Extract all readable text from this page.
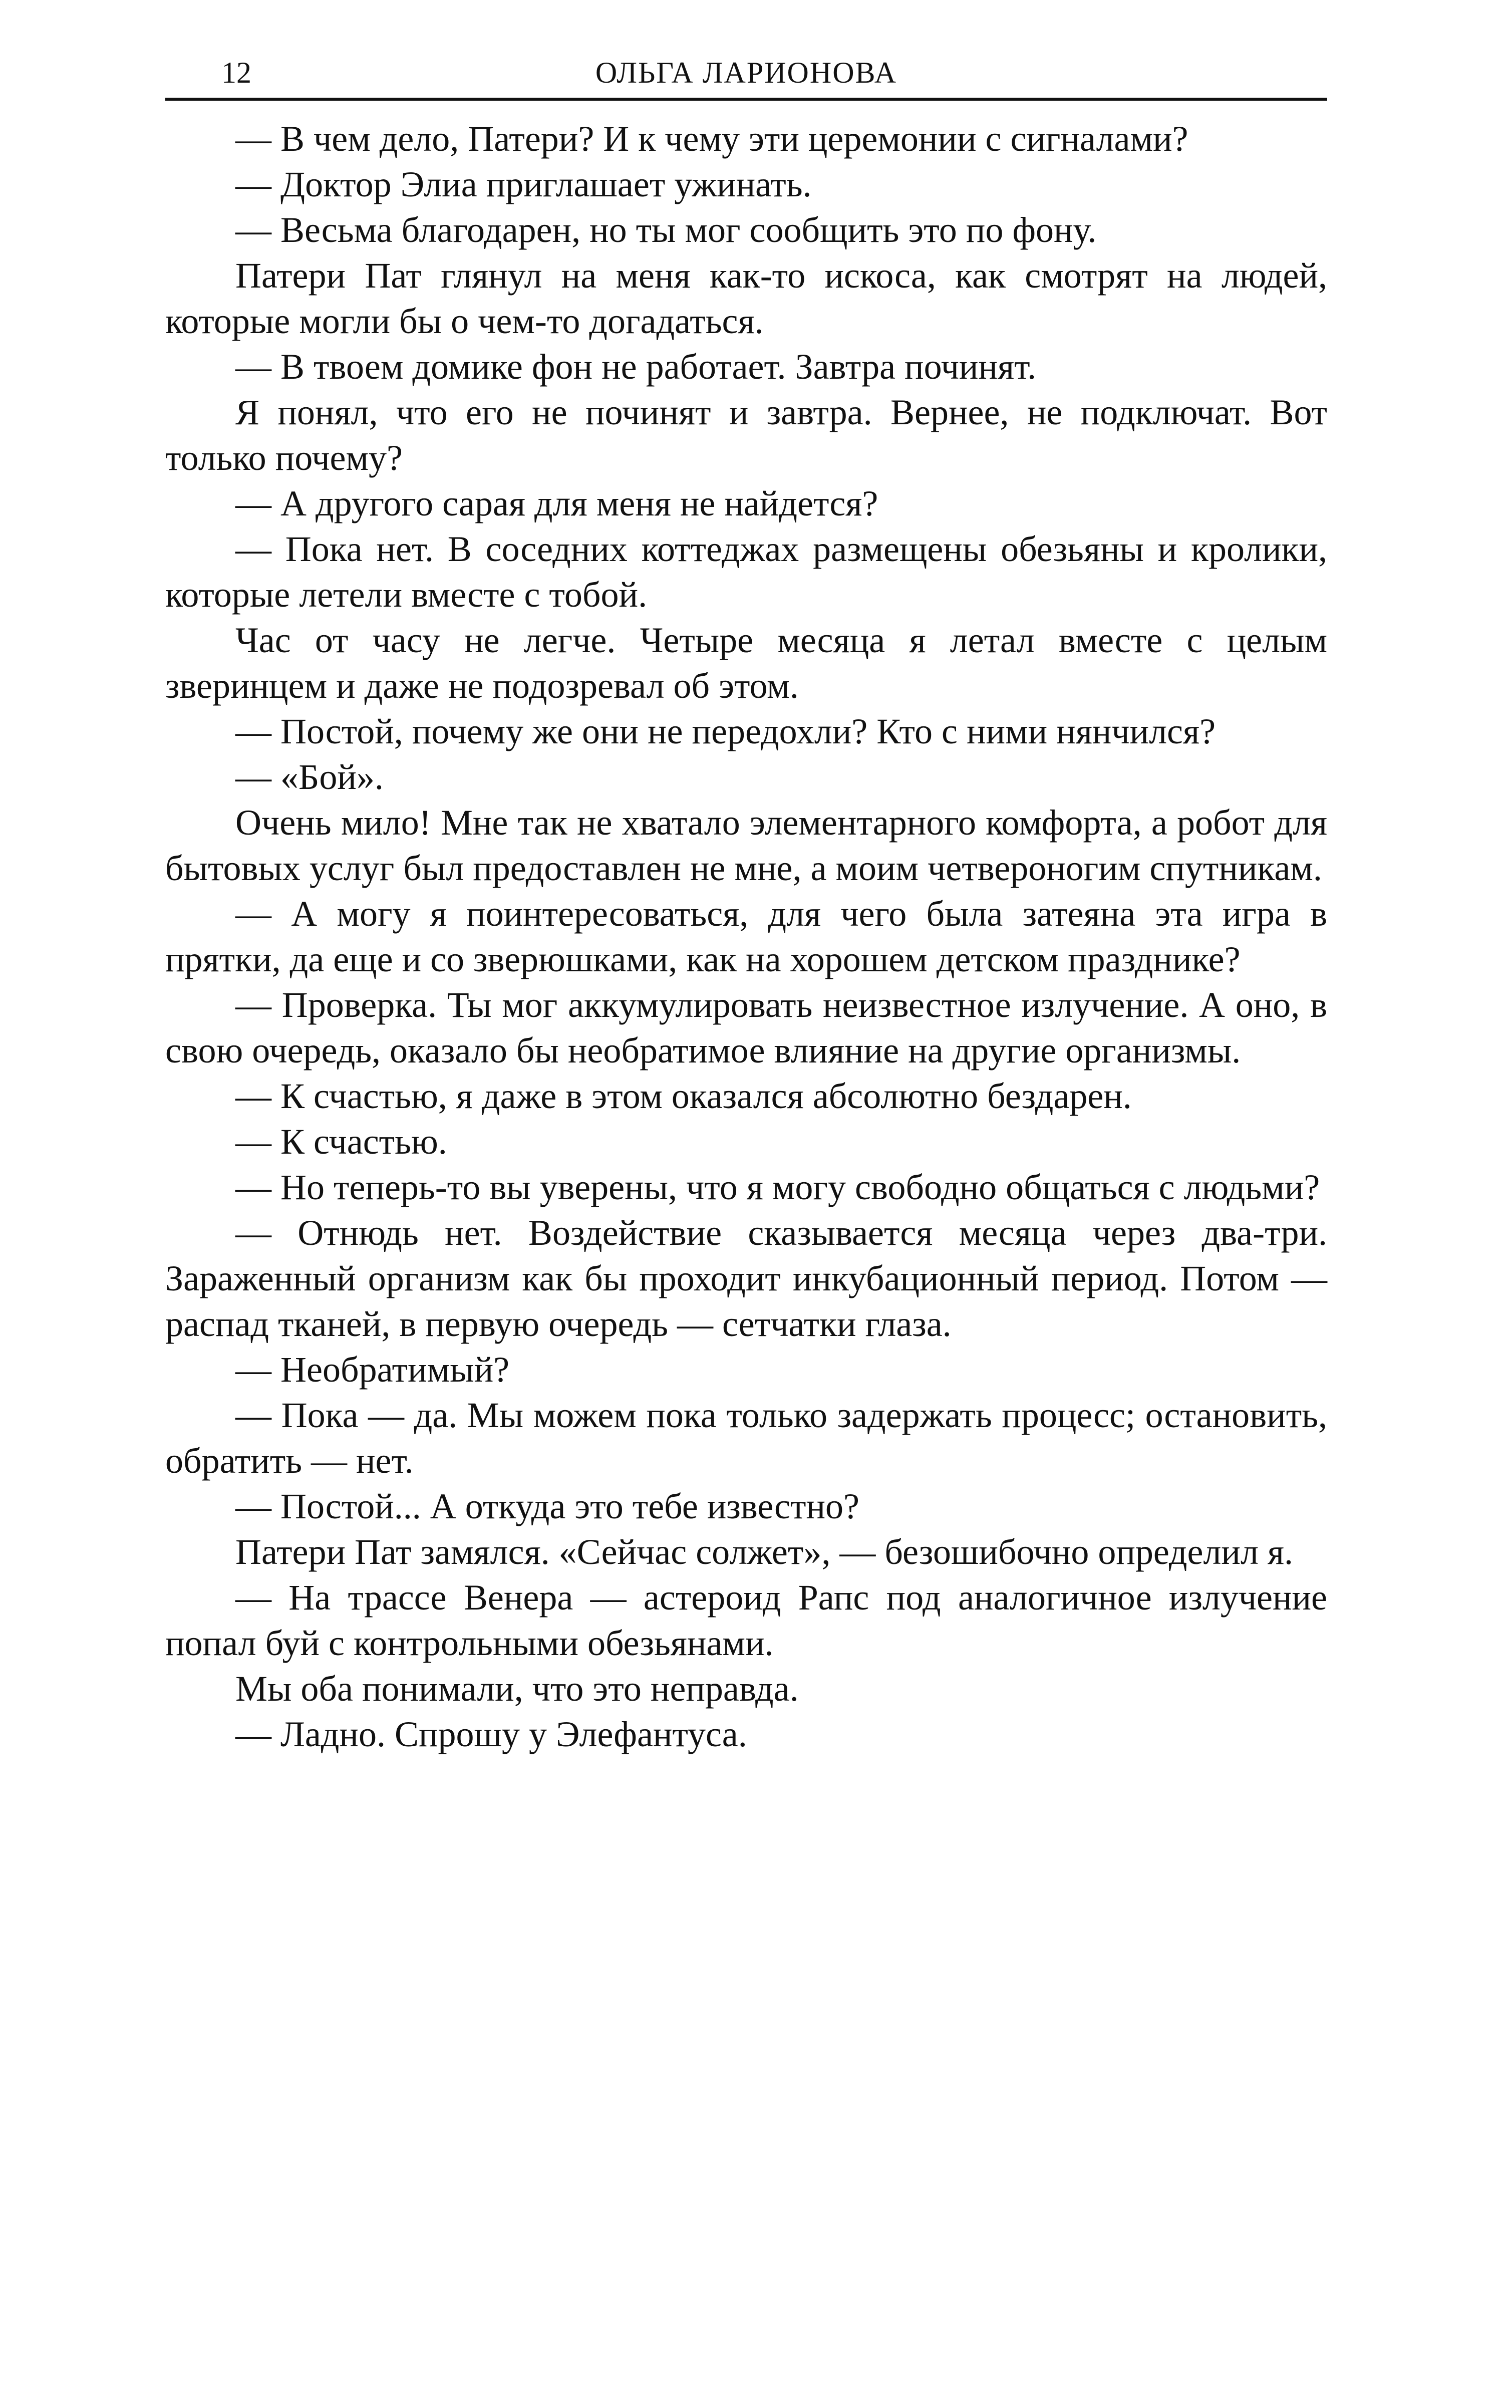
12	ОЛЬГА ЛАРИОНОВА

— В чем дело, Патери? И к чему эти церемонии с сигналами?

— Доктор Элиа приглашает ужинать.

— Весьма благодарен, но ты мог сообщить это по фону.

Патери Пат глянул на меня как-то искоса, как смотрят на людей, которые могли бы о чем-то догадаться.

— В твоем домике фон не работает. Завтра починят.

Я понял, что его не починят и завтра. Вернее, не подключат. Вот только почему?

— А другого сарая для меня не найдется?

— Пока нет. В соседних коттеджах размещены обезьяны и кролики, которые летели вместе с тобой.

Час от часу не легче. Четыре месяца я летал вместе с целым зверинцем и даже не подозревал об этом.

— Постой, почему же они не передохли? Кто с ними нянчился?

— «Бой».

Очень мило! Мне так не хватало элементарного комфорта, а робот для бытовых услуг был предоставлен не мне, а моим четвероногим спутникам.

— А могу я поинтересоваться, для чего была затеяна эта игра в прятки, да еще и со зверюшками, как на хорошем детском празднике?

— Проверка. Ты мог аккумулировать неизвестное излучение. А оно, в свою очередь, оказало бы необратимое влияние на другие организмы.

— К счастью, я даже в этом оказался абсолютно бездарен.

— К счастью.

— Но теперь-то вы уверены, что я могу свободно общаться с людьми?

— Отнюдь нет. Воздействие сказывается месяца через два-три. Зараженный организм как бы проходит инкубационный период. Потом — распад тканей, в первую очередь — сетчатки глаза.

— Необратимый?

— Пока — да. Мы можем пока только задержать процесс; остановить, обратить — нет.

— Постой... А откуда это тебе известно?

Патери Пат замялся. «Сейчас солжет», — безошибочно определил я.

— На трассе Венера — астероид Рапс под аналогичное излучение попал буй с контрольными обезьянами.

Мы оба понимали, что это неправда.

— Ладно. Спрошу у Элефантуса.
